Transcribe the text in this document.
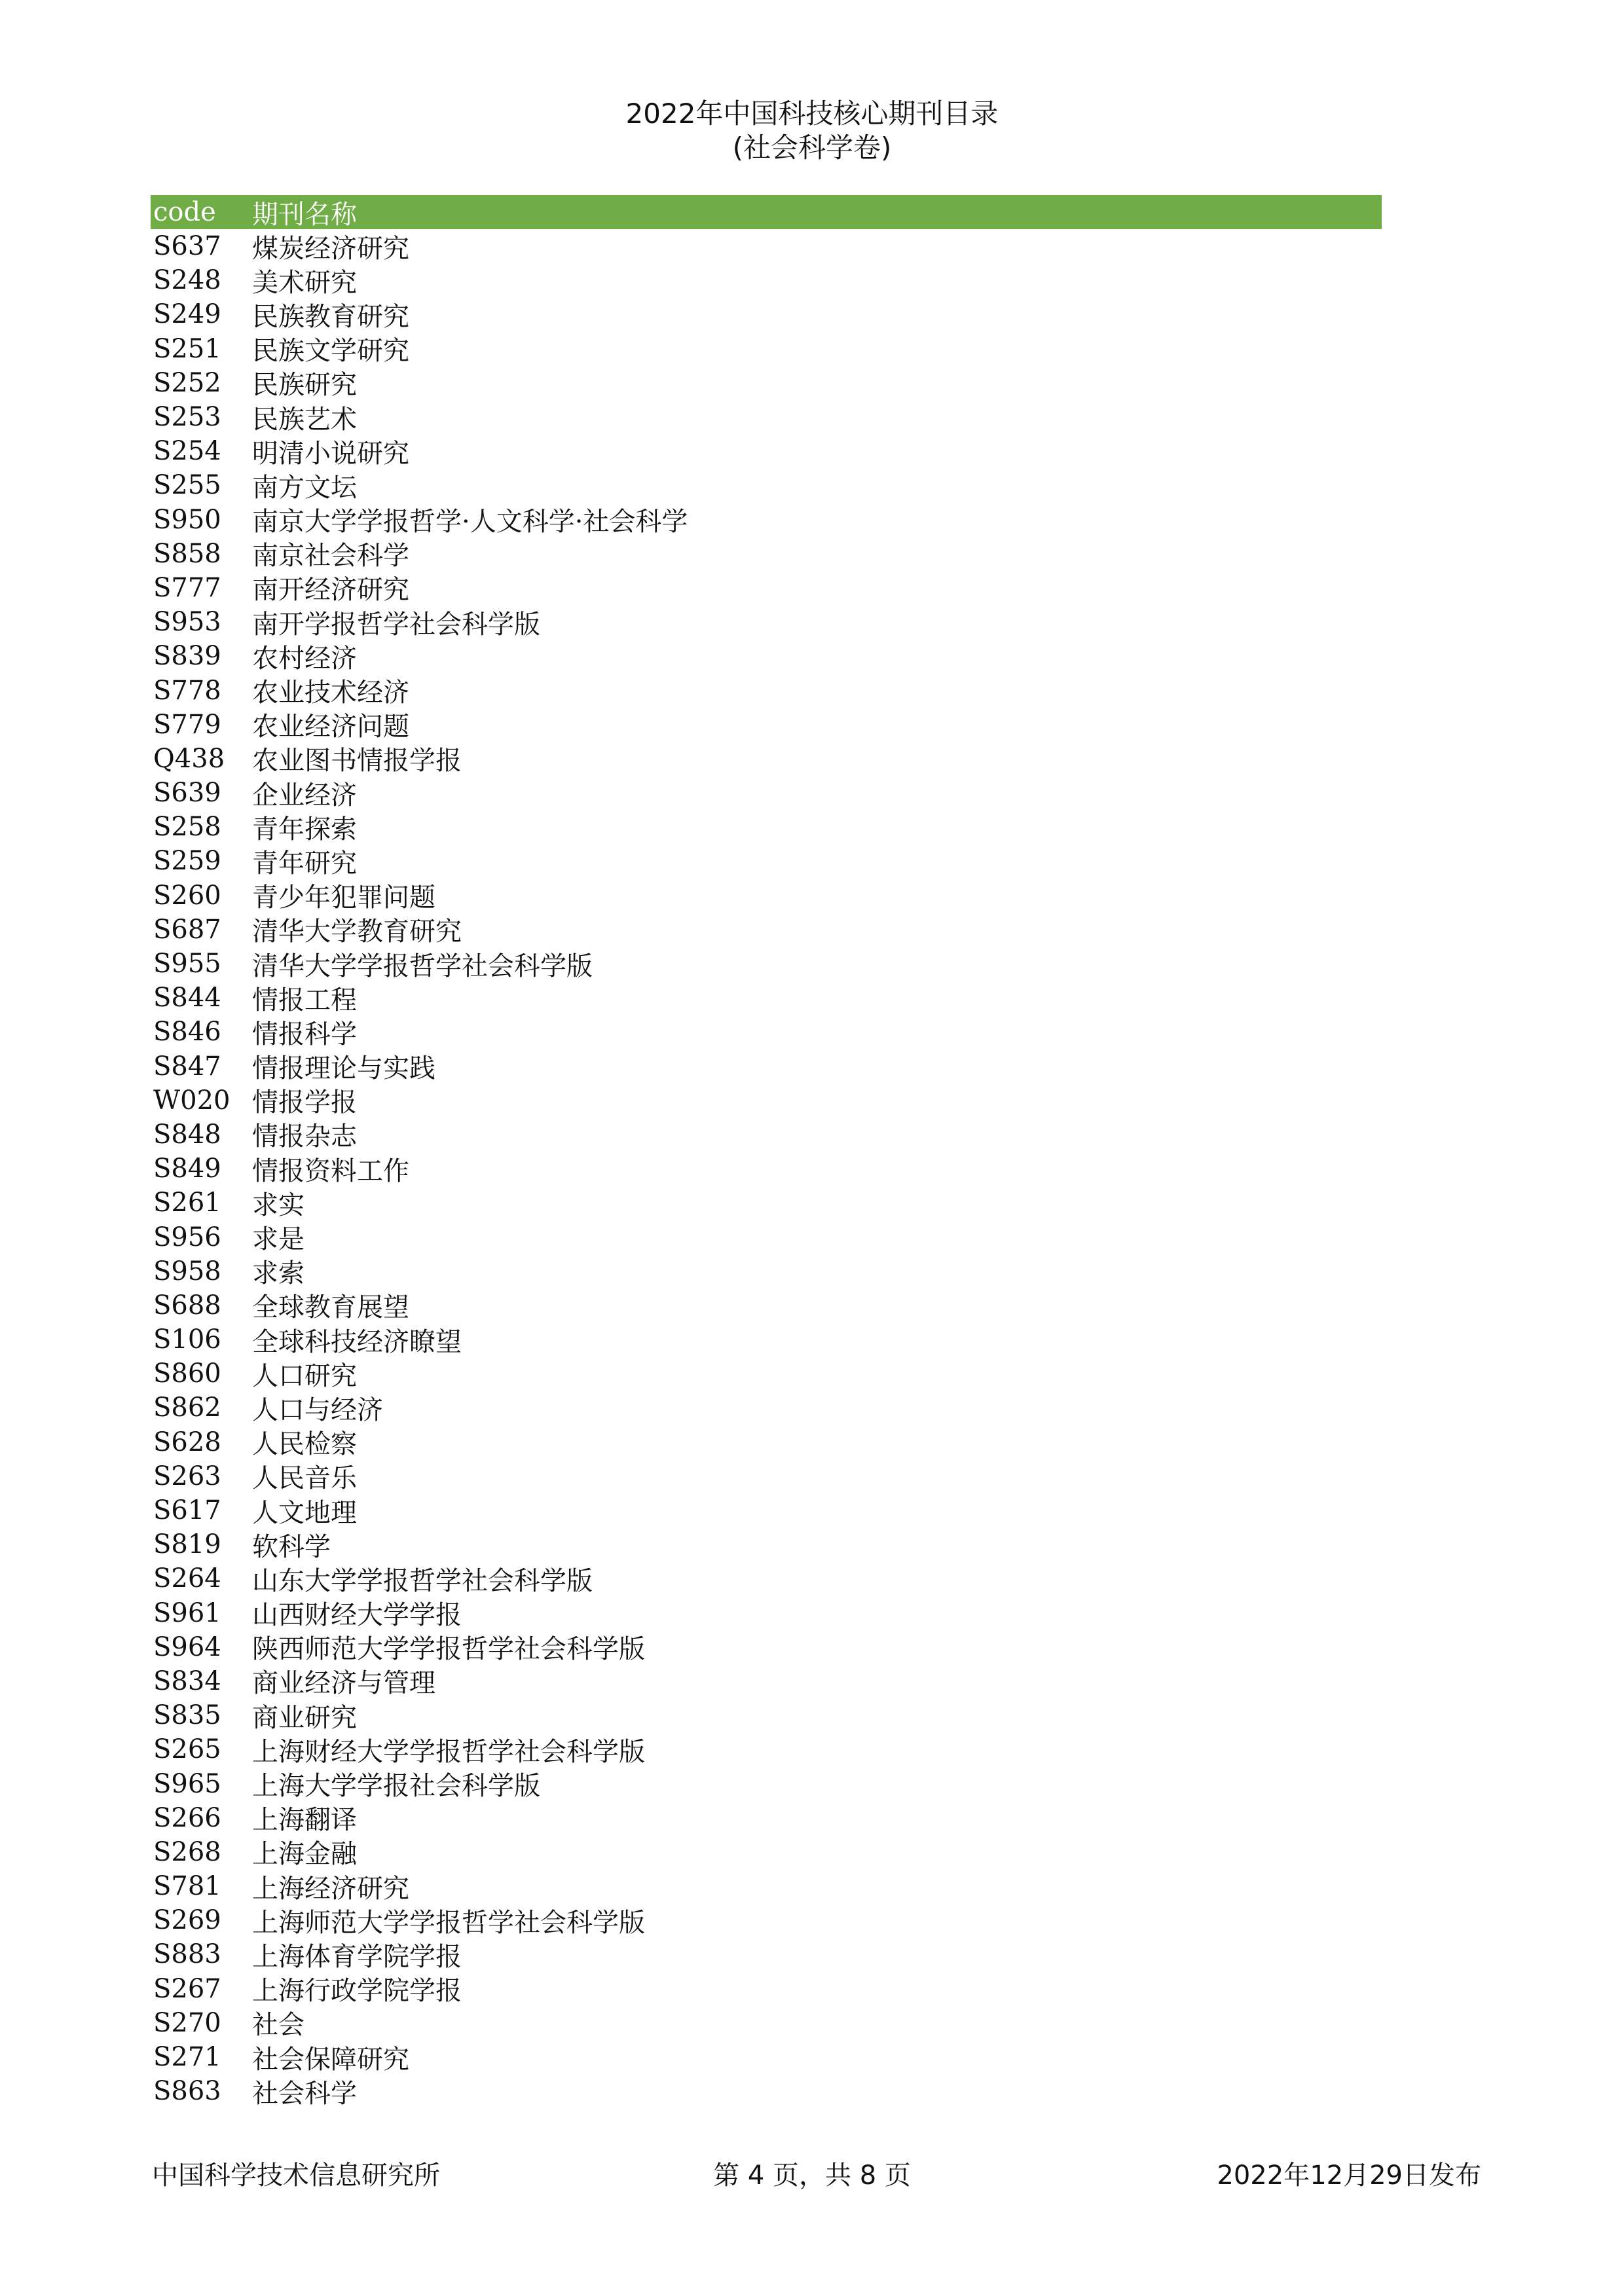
2022年中国科技核心期刊目录
(社会科学卷)
code	期刊名称
S637	煤炭经济研究
S248	美术研究
S249	民族教育研究
S251	民族文学研究
S252	民族研究
S253	民族艺术
S254	明清小说研究
S255	南方文坛
S950	南京大学学报哲学·人文科学·社会科学
S858	南京社会科学
S777	南开经济研究
S953	南开学报哲学社会科学版
S839	农村经济
S778	农业技术经济
S779	农业经济问题
Q438	农业图书情报学报
S639	企业经济
S258	青年探索
S259	青年研究
S260	青少年犯罪问题
S687	清华大学教育研究
S955	清华大学学报哲学社会科学版
S844	情报工程
S846	情报科学
S847	情报理论与实践
W020 情报学报
S848	情报杂志
S849	情报资料工作
S261	求实
S956	求是
S958	求索
S688	全球教育展望
S106	全球科技经济瞭望
S860	人口研究
S862	人口与经济
S628	人民检察
S263	人民音乐
S617	人文地理
S819	软科学
S264	山东大学学报哲学社会科学版
S961	山西财经大学学报
S964	陕西师范大学学报哲学社会科学版
S834	商业经济与管理
S835	商业研究
S265	上海财经大学学报哲学社会科学版
S965	上海大学学报社会科学版
S266	上海翻译
S268	上海金融
S781	上海经济研究
S269	上海师范大学学报哲学社会科学版
S883	上海体育学院学报
S267	上海行政学院学报
S270	社会
S271	社会保障研究
S863	社会科学
中国科学技术信息研究所	第 4 页，共 8 页	2022年12月29日发布
